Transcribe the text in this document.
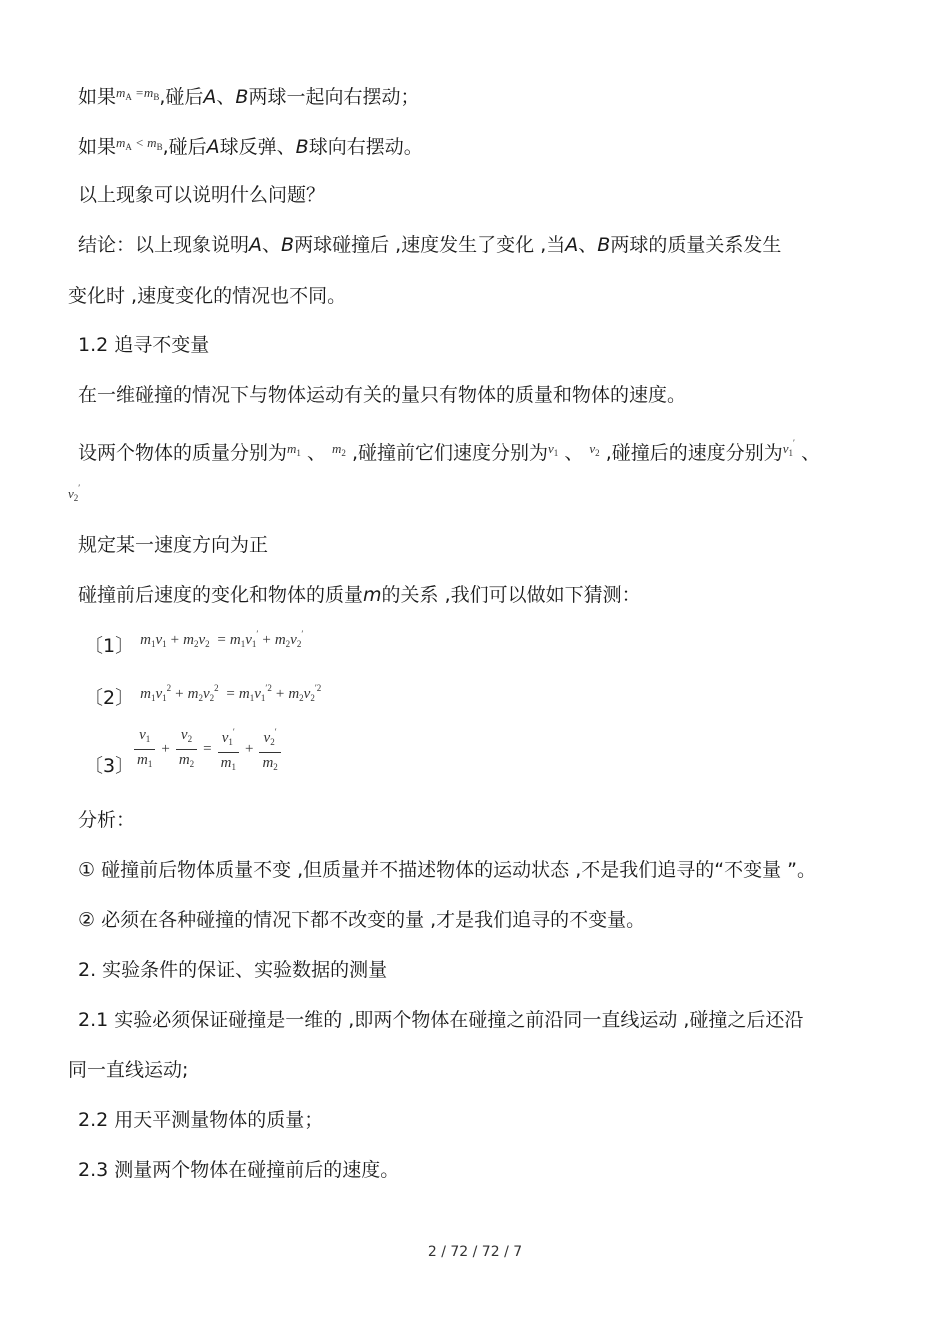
如果$^{m_A =m_B}$,碰后A、B两球一起向右摆动；
如果$^{m_A < m_B}$,碰后A球反弹、B球向右摆动。
以上现象可以说明什么问题？
结论：以上现象说明A、B两球碰撞后 ,速度发生了变化 ,当A、B两球的质量关系发生
变化时 ,速度变化的情况也不同。
1.2 追寻不变量
在一维碰撞的情况下与物体运动有关的量只有物体的质量和物体的速度。
设两个物体的质量分别为$^{m_1}$ 、 $^{m_2}$ ,碰撞前它们速度分别为$^{v_1}$ 、 $^{v_2}$ ,碰撞后的速度分别为$^{v_1'}$ 、
$v_2'$
规定某一速度方向为正
碰撞前后速度的变化和物体的质量m的关系 ,我们可以做如下猜测：
〔1〕 $^{m_1v_1 + m_2v_2 = m_1v_1' + m_2v_2'}$
〔2〕 $^{m_1v_1^2 + m_2v_2^2 = m_1v_1^{'2} + m_2v_2^{'2}}$
〔3〕 $\frac{v_1}{m_1} + \frac{v_2}{m_2} = \frac{v_1'}{m_1} + \frac{v_2'}{m_2}$
分析：
① 碰撞前后物体质量不变 ,但质量并不描述物体的运动状态 ,不是我们追寻的“不变量 ”。
② 必须在各种碰撞的情况下都不改变的量 ,才是我们追寻的不变量。
2. 实验条件的保证、实验数据的测量
2.1 实验必须保证碰撞是一维的 ,即两个物体在碰撞之前沿同一直线运动 ,碰撞之后还沿
同一直线运动;
2.2 用天平测量物体的质量；
2.3 测量两个物体在碰撞前后的速度。
2 / 72 / 72 / 7
